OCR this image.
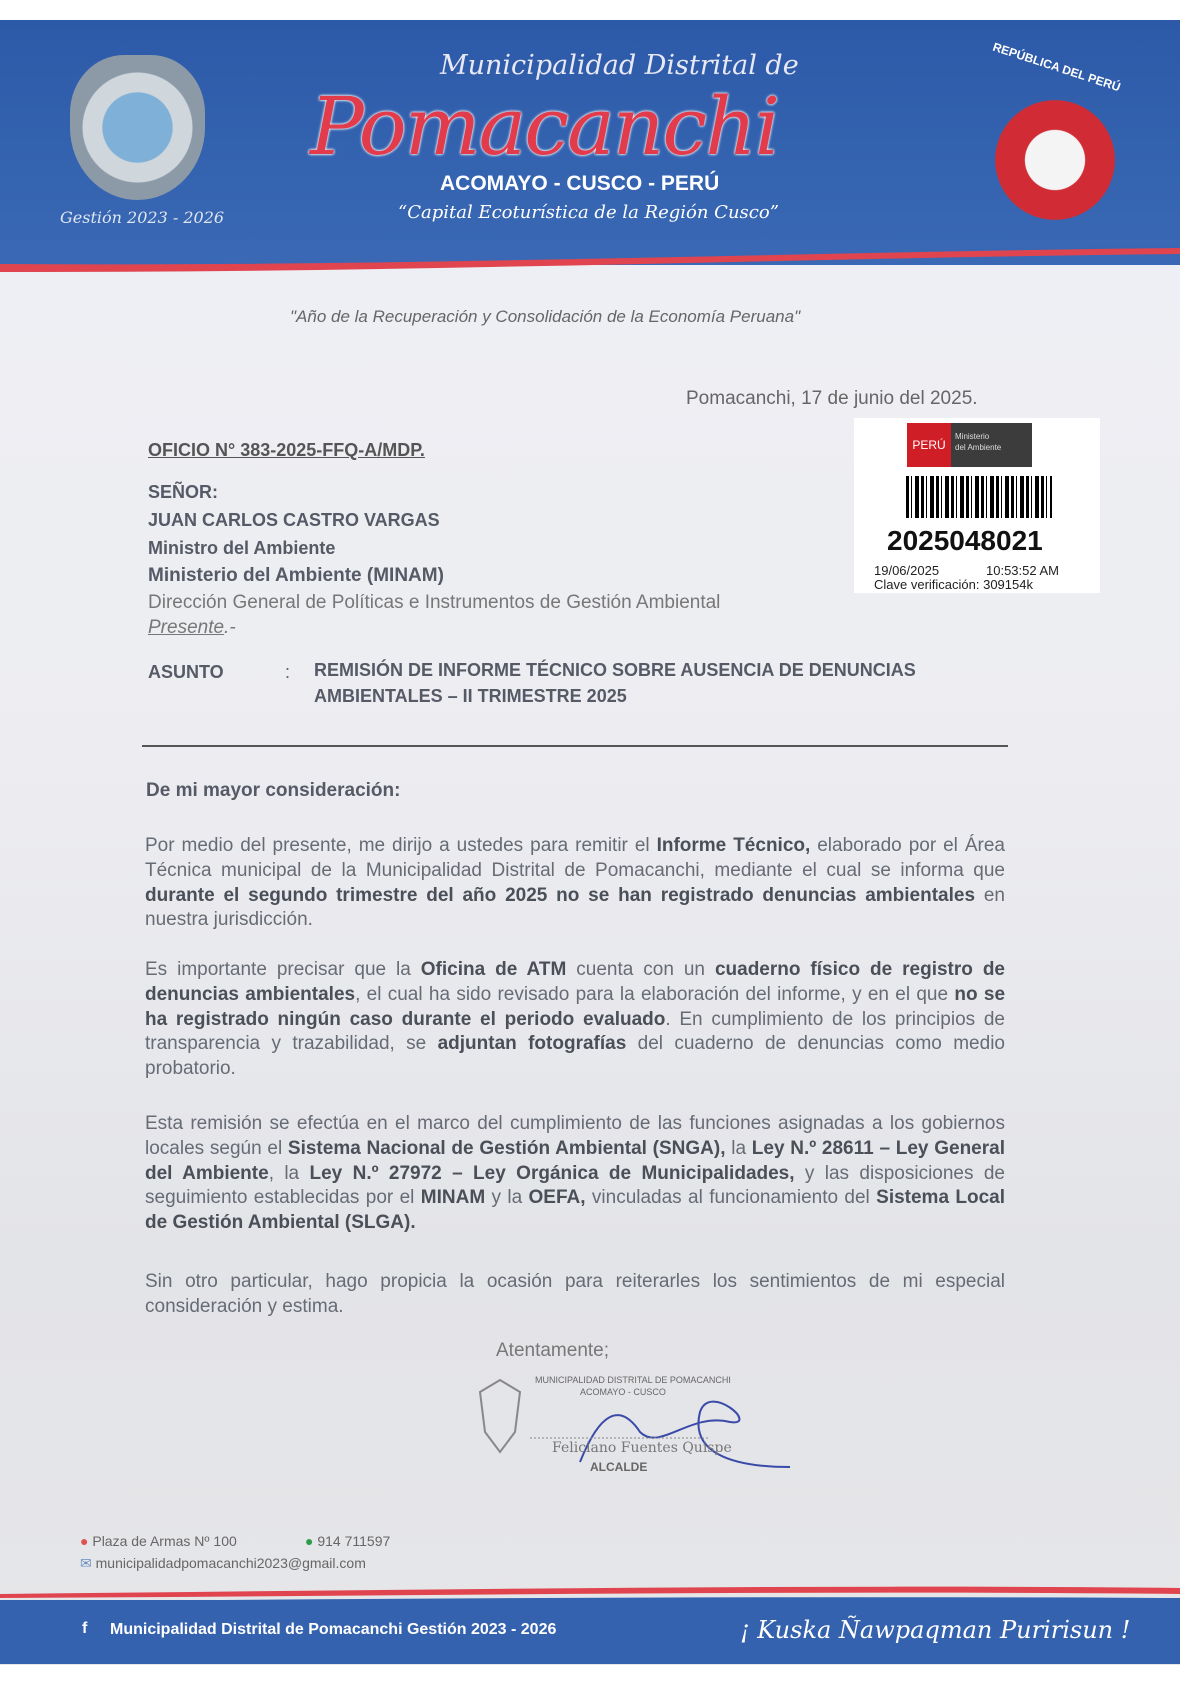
Gestión 2023 - 2026
Municipalidad Distrital de
Pomacanchi
ACOMAYO - CUSCO - PERÚ
“Capital Ecoturística de la Región Cusco”
REPÚBLICA DEL PERÚ
"Año de la Recuperación y Consolidación de la Economía Peruana"
Pomacanchi, 17 de junio del 2025.
PERÚ
Ministerio
del Ambiente
2025048021
19/06/2025	10:53:52 AM
Clave verificación: 309154k
OFICIO N° 383-2025-FFQ-A/MDP.
SEÑOR:
JUAN CARLOS CASTRO VARGAS
Ministro del Ambiente
Ministerio del Ambiente (MINAM)
Dirección General de Políticas e Instrumentos de Gestión Ambiental
Presente.-
ASUNTO	: REMISIÓN DE INFORME TÉCNICO SOBRE AUSENCIA DE DENUNCIAS
AMBIENTALES – II TRIMESTRE 2025
De mi mayor consideración:
Por medio del presente, me dirijo a ustedes para remitir el Informe Técnico, elaborado por el Área Técnica municipal de la Municipalidad Distrital de Pomacanchi, mediante el cual se informa que durante el segundo trimestre del año 2025 no se han registrado denuncias ambientales en nuestra jurisdicción.
Es importante precisar que la Oficina de ATM cuenta con un cuaderno físico de registro de denuncias ambientales, el cual ha sido revisado para la elaboración del informe, y en el que no se ha registrado ningún caso durante el periodo evaluado. En cumplimiento de los principios de transparencia y trazabilidad, se adjuntan fotografías del cuaderno de denuncias como medio probatorio.
Esta remisión se efectúa en el marco del cumplimiento de las funciones asignadas a los gobiernos locales según el Sistema Nacional de Gestión Ambiental (SNGA), la Ley N.º 28611 – Ley General del Ambiente, la Ley N.º 27972 – Ley Orgánica de Municipalidades, y las disposiciones de seguimiento establecidas por el MINAM y la OEFA, vinculadas al funcionamiento del Sistema Local de Gestión Ambiental (SLGA).
Sin otro particular, hago propicia la ocasión para reiterarles los sentimientos de mi especial consideración y estima.
Atentamente;
MUNICIPALIDAD DISTRITAL DE POMACANCHI
ACOMAYO - CUSCO
Feliciano Fuentes Quispe
ALCALDE
● Plaza de Armas Nº 100	● 914 711597
✉ municipalidadpomacanchi2023@gmail.com
f Municipalidad Distrital de Pomacanchi Gestión 2023 - 2026	¡ Kuska Ñawpaqman Puririsun !
